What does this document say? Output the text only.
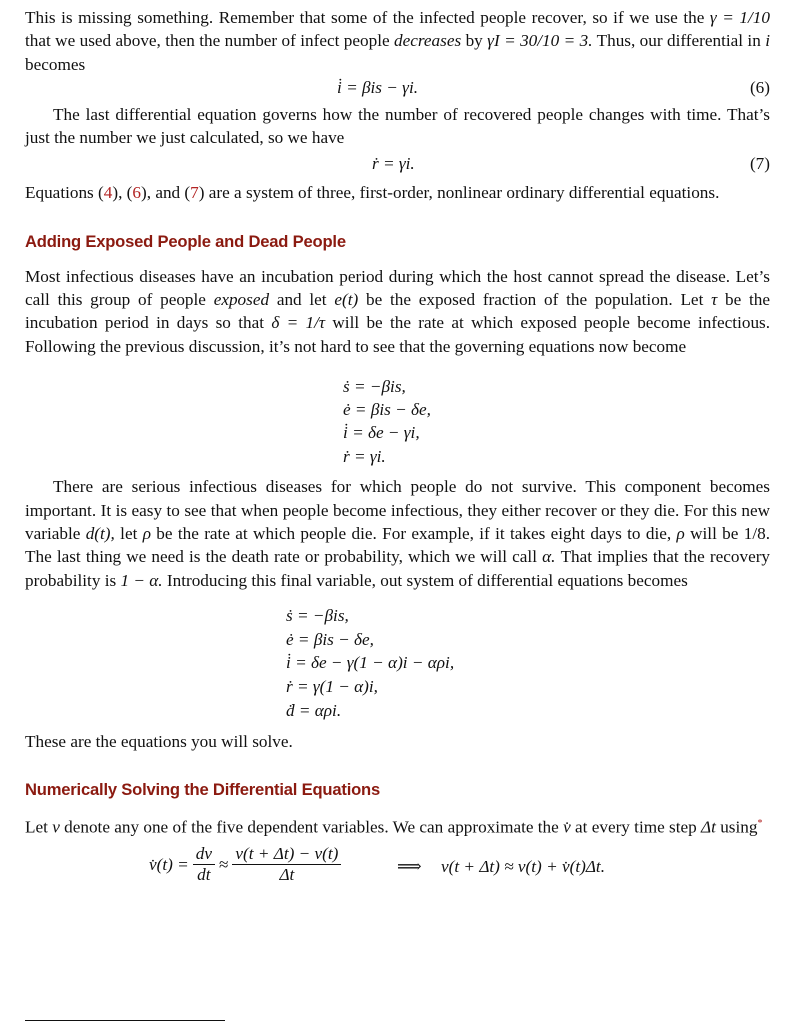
This is missing something. Remember that some of the infected people recover, so if we use the γ = 1/10 that we used above, then the number of infect people decreases by γI = 30/10 = 3. Thus, our differential in i becomes

i̇ = βis − γi.	(6)

The last differential equation governs how the number of recovered people changes with time. That’s just the number we just calculated, so we have

ṙ = γi.	(7)

Equations (4), (6), and (7) are a system of three, first-order, nonlinear ordinary differential equations.

Adding Exposed People and Dead People

Most infectious diseases have an incubation period during which the host cannot spread the disease. Let’s call this group of people exposed and let e(t) be the exposed fraction of the population. Let τ be the incubation period in days so that δ = 1/τ will be the rate at which exposed people become infectious. Following the previous discussion, it’s not hard to see that the governing equations now become

ṡ = −βis,
ė = βis − δe,
i̇ = δe − γi,
ṙ = γi.

There are serious infectious diseases for which people do not survive. This component becomes important. It is easy to see that when people become infectious, they either recover or they die. For this new variable d(t), let ρ be the rate at which people die. For example, if it takes eight days to die, ρ will be 1/8. The last thing we need is the death rate or probability, which we will call α. That implies that the recovery probability is 1 − α. Introducing this final variable, out system of differential equations becomes

ṡ = −βis,
ė = βis − δe,
i̇ = δe − γ(1 − α)i − αρi,
ṙ = γ(1 − α)i,
ḋ = αρi.

These are the equations you will solve.

Numerically Solving the Differential Equations

Let v denote any one of the five dependent variables. We can approximate the v̇ at every time step Δt using*

v̇(t) = $\frac{dv}{dt} \approx \frac{v(t + \Delta t) - v(t)}{\Delta t}$	⟹ v(t + Δt) ≈ v(t) + v̇(t)Δt.
